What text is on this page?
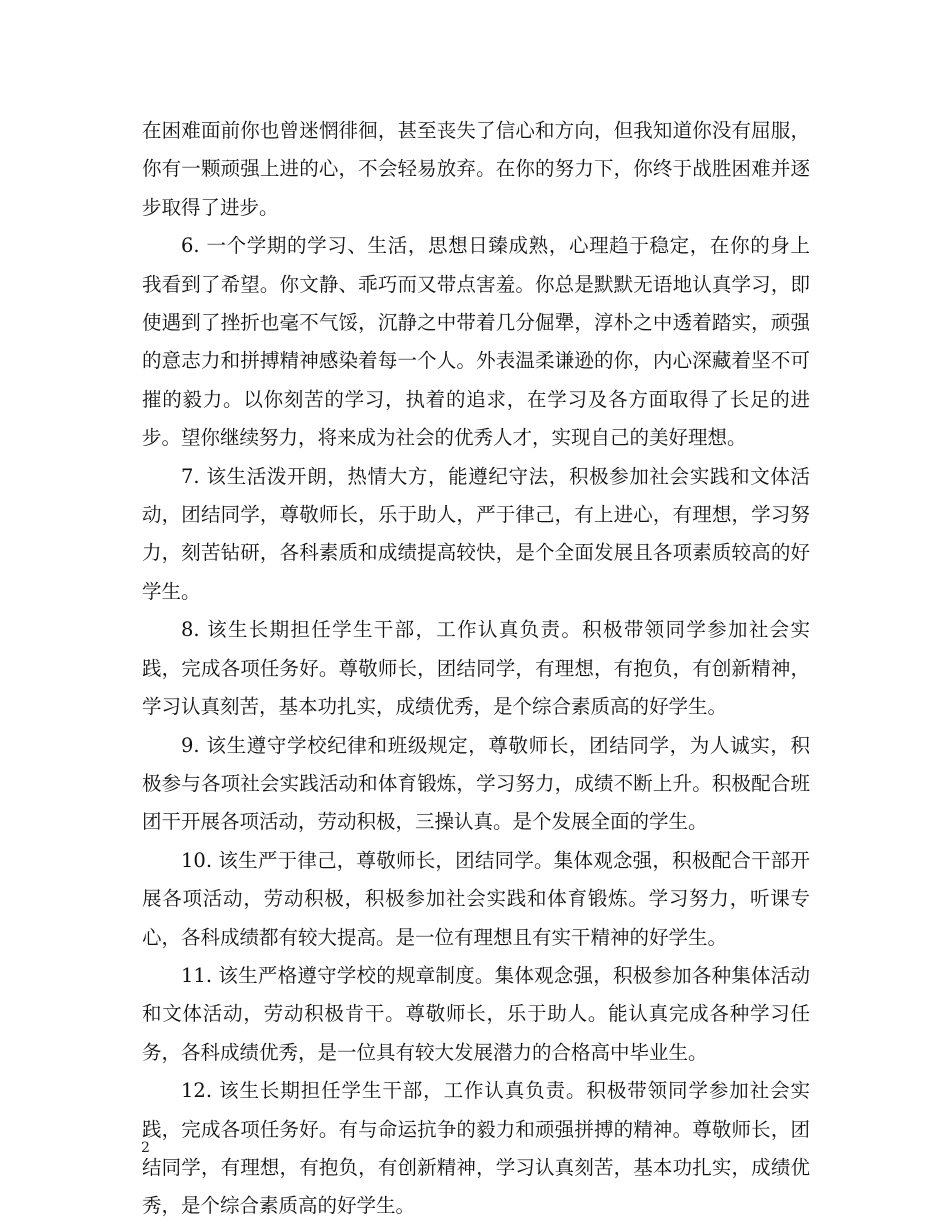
在困难面前你也曾迷惘徘徊，甚至丧失了信心和方向，但我知道你没有屈服，你有一颗顽强上进的心，不会轻易放弃。在你的努力下，你终于战胜困难并逐步取得了进步。

6. 一个学期的学习、生活，思想日臻成熟，心理趋于稳定，在你的身上我看到了希望。你文静、乖巧而又带点害羞。你总是默默无语地认真学习，即使遇到了挫折也毫不气馁，沉静之中带着几分倔犟，淳朴之中透着踏实，顽强的意志力和拼搏精神感染着每一个人。外表温柔谦逊的你，内心深藏着坚不可摧的毅力。以你刻苦的学习，执着的追求，在学习及各方面取得了长足的进步。望你继续努力，将来成为社会的优秀人才，实现自己的美好理想。

7. 该生活泼开朗，热情大方，能遵纪守法，积极参加社会实践和文体活动，团结同学，尊敬师长，乐于助人，严于律己，有上进心，有理想，学习努力，刻苦钻研，各科素质和成绩提高较快，是个全面发展且各项素质较高的好学生。

8. 该生长期担任学生干部，工作认真负责。积极带领同学参加社会实践，完成各项任务好。尊敬师长，团结同学，有理想，有抱负，有创新精神，学习认真刻苦，基本功扎实，成绩优秀，是个综合素质高的好学生。

9. 该生遵守学校纪律和班级规定，尊敬师长，团结同学，为人诚实，积极参与各项社会实践活动和体育锻炼，学习努力，成绩不断上升。积极配合班团干开展各项活动，劳动积极，三操认真。是个发展全面的学生。

10. 该生严于律己，尊敬师长，团结同学。集体观念强，积极配合干部开展各项活动，劳动积极，积极参加社会实践和体育锻炼。学习努力，听课专心，各科成绩都有较大提高。是一位有理想且有实干精神的好学生。

11. 该生严格遵守学校的规章制度。集体观念强，积极参加各种集体活动和文体活动，劳动积极肯干。尊敬师长，乐于助人。能认真完成各种学习任务，各科成绩优秀，是一位具有较大发展潜力的合格高中毕业生。

12. 该生长期担任学生干部，工作认真负责。积极带领同学参加社会实践，完成各项任务好。有与命运抗争的毅力和顽强拼搏的精神。尊敬师长，团结同学，有理想，有抱负，有创新精神，学习认真刻苦，基本功扎实，成绩优秀，是个综合素质高的好学生。

2
